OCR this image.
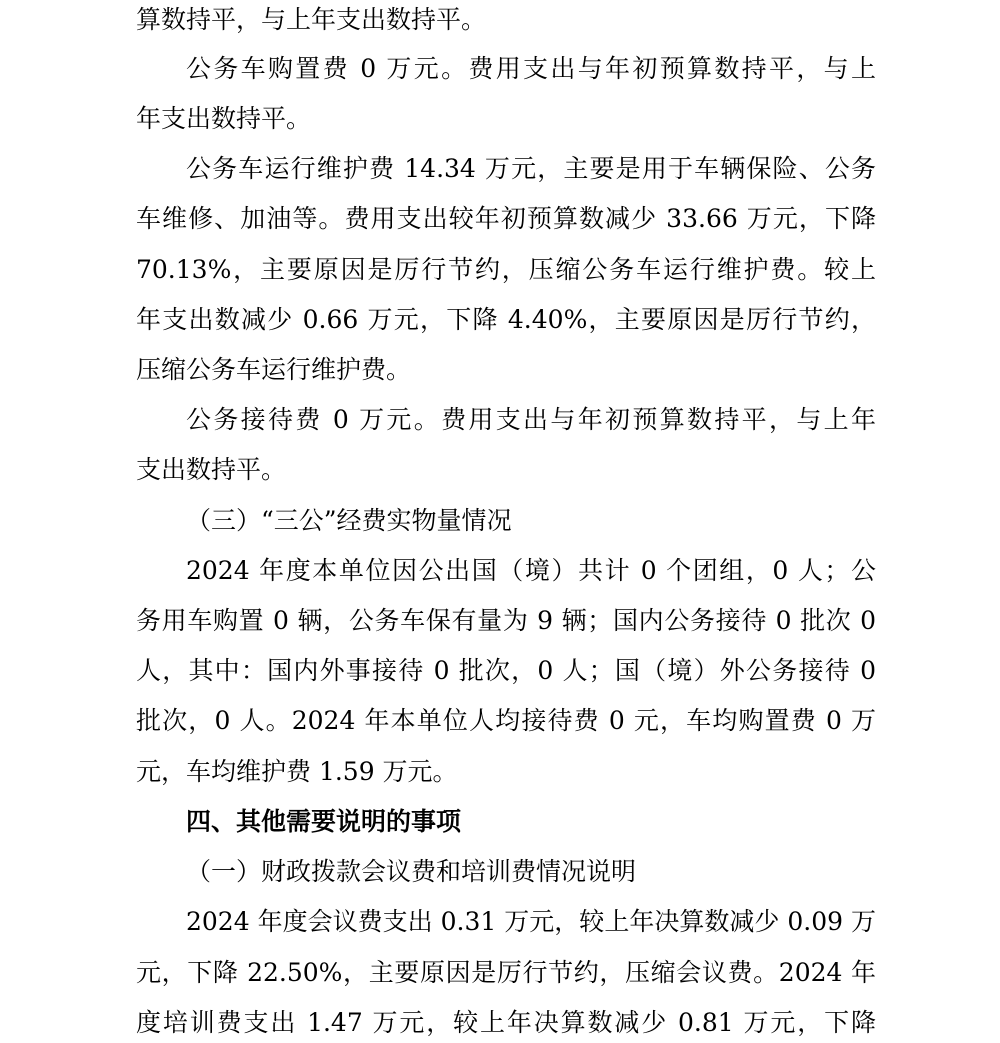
算数持平，与上年支出数持平。
公务车购置费 0 万元。费用支出与年初预算数持平，与上
年支出数持平。
公务车运行维护费 14.34 万元，主要是用于车辆保险、公务
车维修、加油等。费用支出较年初预算数减少 33.66 万元，下降
70.13%，主要原因是厉行节约，压缩公务车运行维护费。较上
年支出数减少 0.66 万元，下降 4.40%，主要原因是厉行节约，
压缩公务车运行维护费。
公务接待费 0 万元。费用支出与年初预算数持平，与上年
支出数持平。
（三）“三公”经费实物量情况
2024 年度本单位因公出国（境）共计 0 个团组，0 人；公
务用车购置 0 辆，公务车保有量为 9 辆；国内公务接待 0 批次 0
人，其中：国内外事接待 0 批次，0 人；国（境）外公务接待 0
批次，0 人。2024 年本单位人均接待费 0 元，车均购置费 0 万
元，车均维护费 1.59 万元。
四、其他需要说明的事项
（一）财政拨款会议费和培训费情况说明
2024 年度会议费支出 0.31 万元，较上年决算数减少 0.09 万
元，下降 22.50%，主要原因是厉行节约，压缩会议费。2024 年
度培训费支出 1.47 万元，较上年决算数减少 0.81 万元，下降
